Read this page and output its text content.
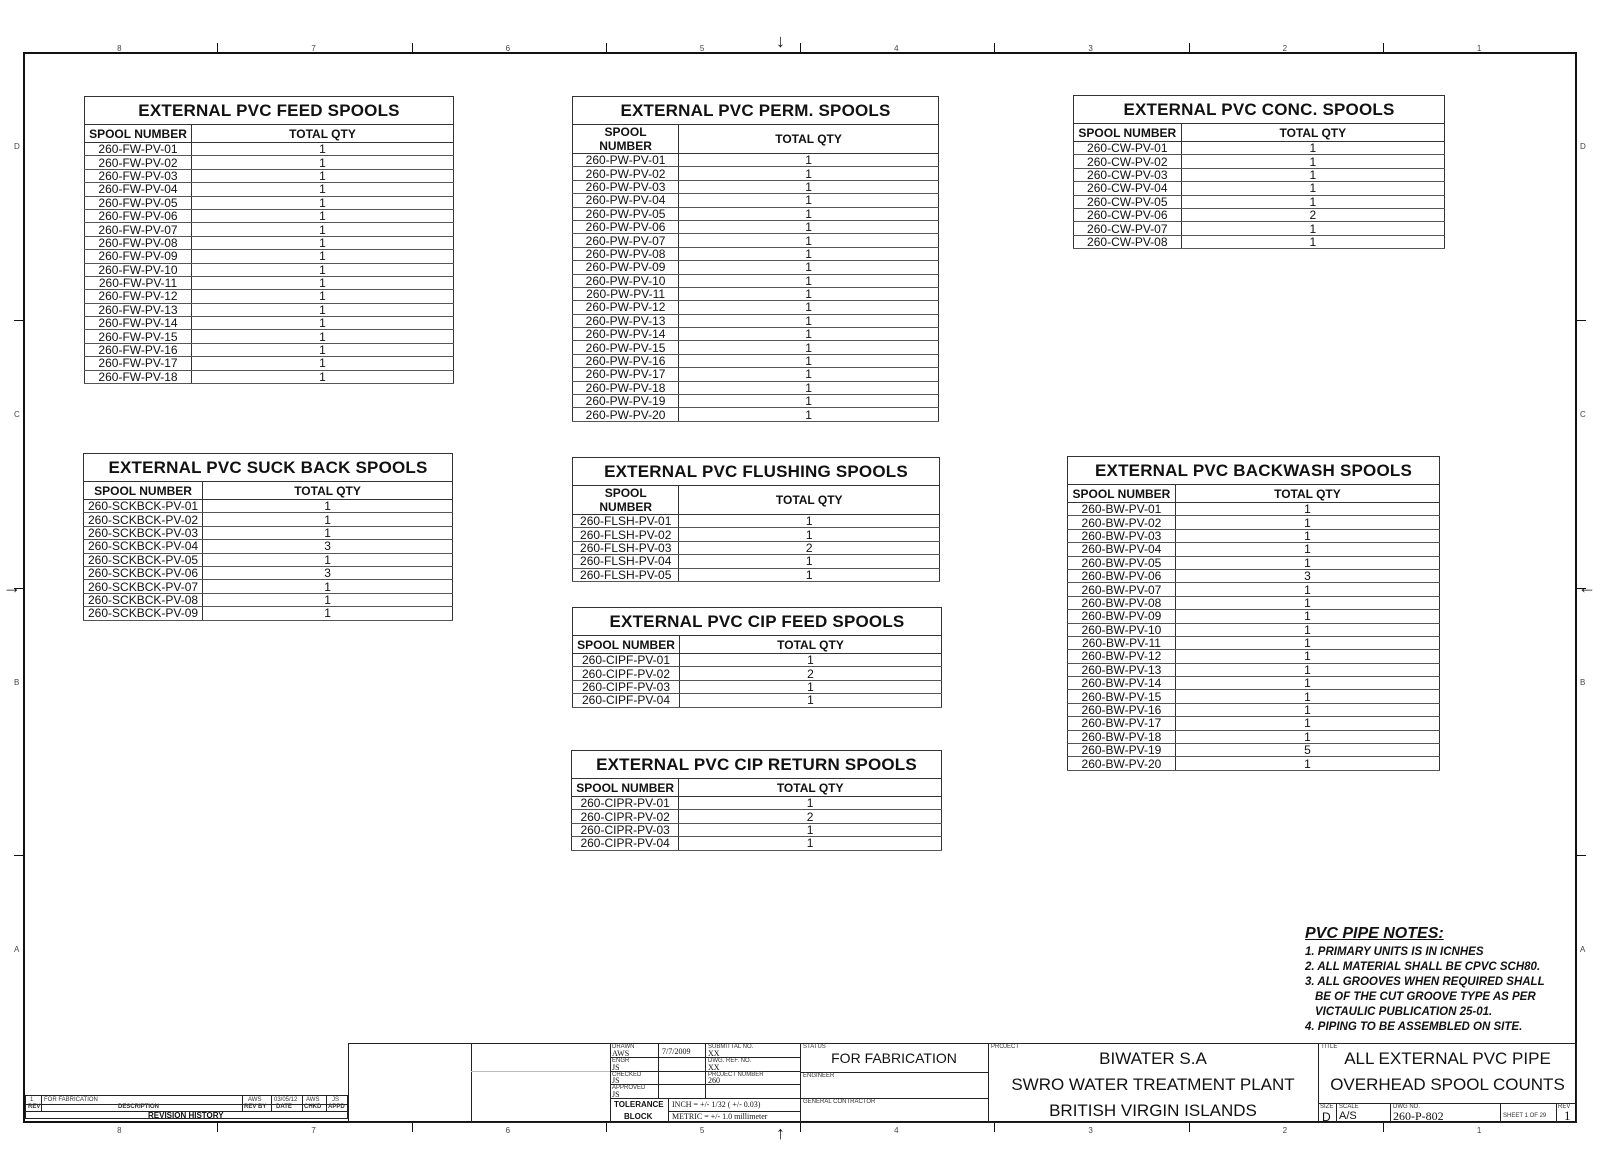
8
8
7
7
6
6
5
5
4
4
3
3
2
2
1
1
D	D
C	C
B	B
A	A
↓
↑
→	←
EXTERNAL PVC FEED SPOOLS	
SPOOL NUMBER	TOTAL QTY
260-FW-PV-01	1
260-FW-PV-02	1
260-FW-PV-03	1
260-FW-PV-04	1
260-FW-PV-05	1
260-FW-PV-06	1
260-FW-PV-07	1
260-FW-PV-08	1
260-FW-PV-09	1
260-FW-PV-10	1
260-FW-PV-11	1
260-FW-PV-12	1
260-FW-PV-13	1
260-FW-PV-14	1
260-FW-PV-15	1
260-FW-PV-16	1
260-FW-PV-17	1
260-FW-PV-18	1
EXTERNAL PVC PERM. SPOOLS	
SPOOL NUMBER	TOTAL QTY
260-PW-PV-01	1
260-PW-PV-02	1
260-PW-PV-03	1
260-PW-PV-04	1
260-PW-PV-05	1
260-PW-PV-06	1
260-PW-PV-07	1
260-PW-PV-08	1
260-PW-PV-09	1
260-PW-PV-10	1
260-PW-PV-11	1
260-PW-PV-12	1
260-PW-PV-13	1
260-PW-PV-14	1
260-PW-PV-15	1
260-PW-PV-16	1
260-PW-PV-17	1
260-PW-PV-18	1
260-PW-PV-19	1
260-PW-PV-20	1
EXTERNAL PVC CONC. SPOOLS	
SPOOL NUMBER	TOTAL QTY
260-CW-PV-01	1
260-CW-PV-02	1
260-CW-PV-03	1
260-CW-PV-04	1
260-CW-PV-05	1
260-CW-PV-06	2
260-CW-PV-07	1
260-CW-PV-08	1
EXTERNAL PVC SUCK BACK SPOOLS	
SPOOL NUMBER	TOTAL QTY
260-SCKBCK-PV-01	1
260-SCKBCK-PV-02	1
260-SCKBCK-PV-03	1
260-SCKBCK-PV-04	3
260-SCKBCK-PV-05	1
260-SCKBCK-PV-06	3
260-SCKBCK-PV-07	1
260-SCKBCK-PV-08	1
260-SCKBCK-PV-09	1
EXTERNAL PVC FLUSHING SPOOLS	
SPOOL NUMBER	TOTAL QTY
260-FLSH-PV-01	1
260-FLSH-PV-02	1
260-FLSH-PV-03	2
260-FLSH-PV-04	1
260-FLSH-PV-05	1
EXTERNAL PVC CIP FEED SPOOLS	
SPOOL NUMBER	TOTAL QTY
260-CIPF-PV-01	1
260-CIPF-PV-02	2
260-CIPF-PV-03	1
260-CIPF-PV-04	1
EXTERNAL PVC CIP RETURN SPOOLS	
SPOOL NUMBER	TOTAL QTY
260-CIPR-PV-01	1
260-CIPR-PV-02	2
260-CIPR-PV-03	1
260-CIPR-PV-04	1
EXTERNAL PVC BACKWASH SPOOLS	
SPOOL NUMBER	TOTAL QTY
260-BW-PV-01	1
260-BW-PV-02	1
260-BW-PV-03	1
260-BW-PV-04	1
260-BW-PV-05	1
260-BW-PV-06	3
260-BW-PV-07	1
260-BW-PV-08	1
260-BW-PV-09	1
260-BW-PV-10	1
260-BW-PV-11	1
260-BW-PV-12	1
260-BW-PV-13	1
260-BW-PV-14	1
260-BW-PV-15	1
260-BW-PV-16	1
260-BW-PV-17	1
260-BW-PV-18	1
260-BW-PV-19	5
260-BW-PV-20	1
PVC PIPE NOTES:
1. PRIMARY UNITS IS IN ICNHES
2. ALL MATERIAL SHALL BE CPVC SCH80.
3. ALL GROOVES WHEN REQUIRED SHALL
BE OF THE CUT GROOVE TYPE AS PER
VICTAULIC PUBLICATION 25-01.
4. PIPING TO BE ASSEMBLED ON SITE.
1 FOR FABRICATION	AWS 03/05/12 AWS JS
REV	DESCRIPTION	REV BY DATE CHKD APPD
REVISION HISTORY
DRAWN
AWS	7/7/2009
ENGR
JS
CHECKED
JS
APPROVED
JS
SUBMITTAL NO.
XX
DWG. REF. NO.
XX
PROJECT NUMBER
260
TOLERANCE
BLOCK
INCH = +/- 1/32 ( +/- 0.03)
METRIC = +/- 1.0 millimeter
STATUS
FOR FABRICATION
ENGINEER
GENERAL CONTRACTOR
PROJECT
BIWATER S.A
SWRO WATER TREATMENT PLANT
BRITISH VIRGIN ISLANDS
TITLE
ALL EXTERNAL PVC PIPE
OVERHEAD SPOOL COUNTS
SIZE
D
SCALE
A/S
DWG NO.
260-P-802	SHEET 1 OF 29
REV
1
